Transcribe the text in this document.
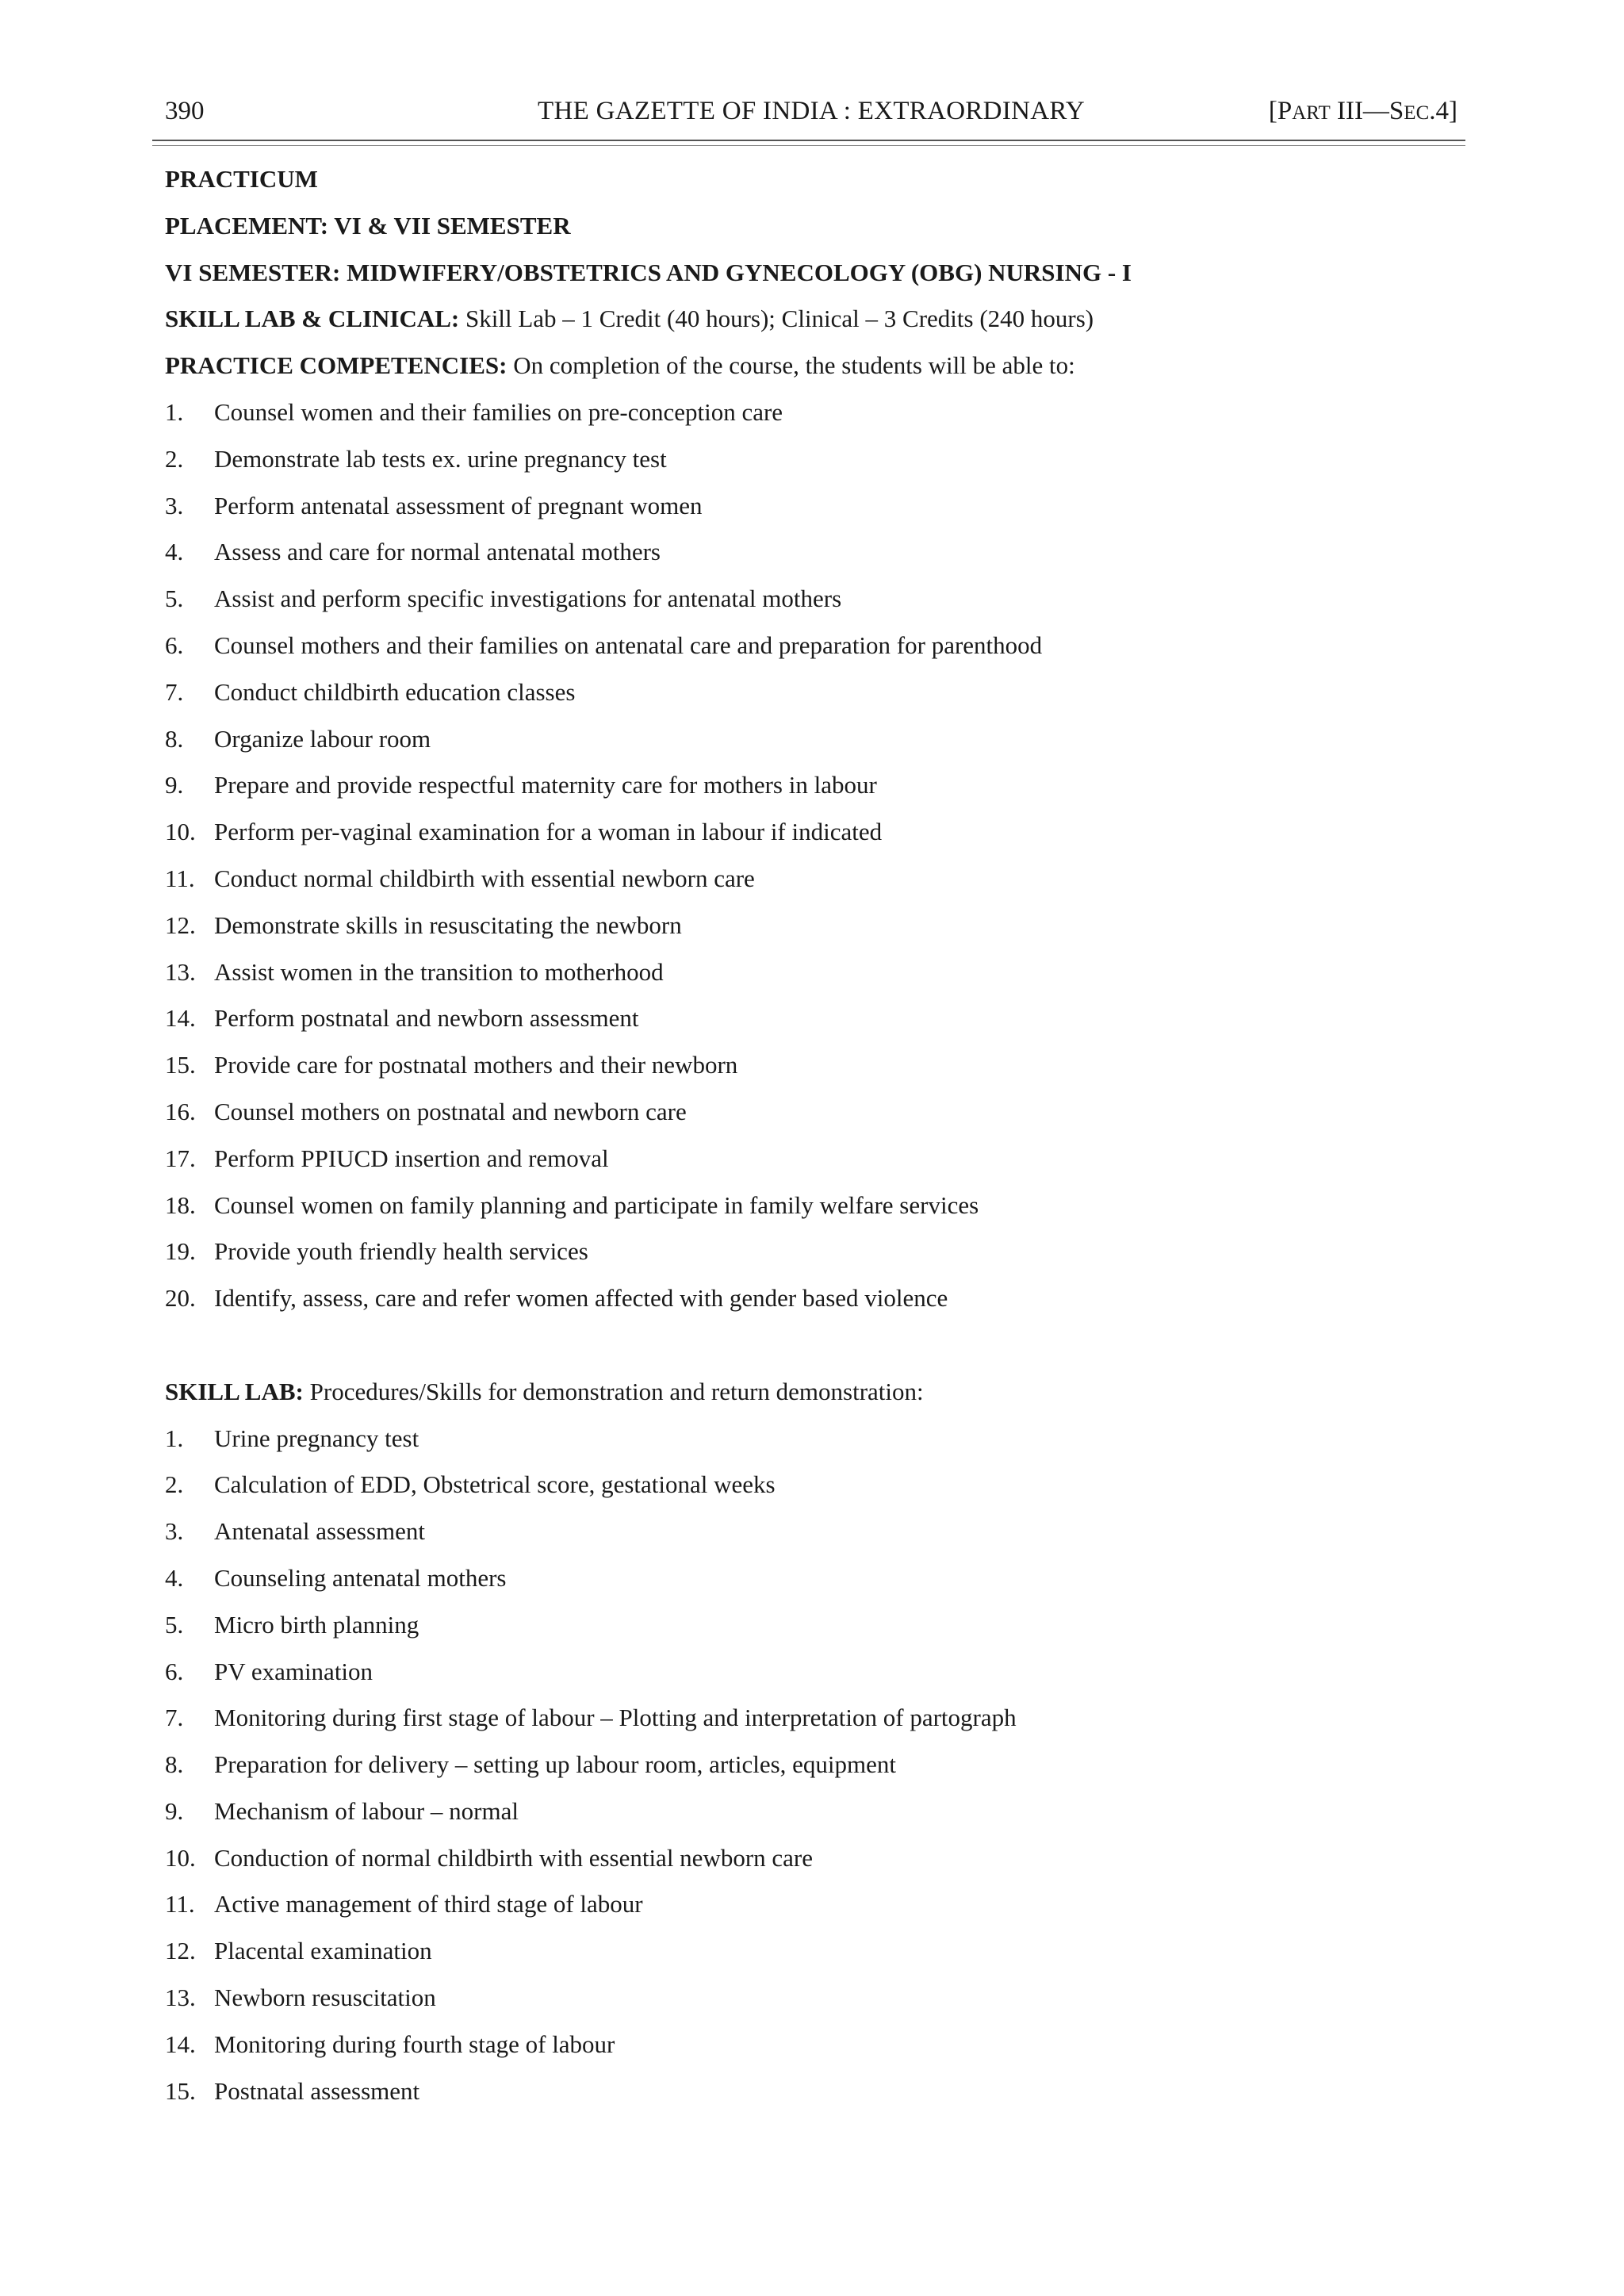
390	THE GAZETTE OF INDIA : EXTRAORDINARY	[PART III—SEC.4]
PRACTICUM
PLACEMENT: VI & VII SEMESTER
VI SEMESTER: MIDWIFERY/OBSTETRICS AND GYNECOLOGY (OBG) NURSING - I
SKILL LAB & CLINICAL: Skill Lab – 1 Credit (40 hours); Clinical – 3 Credits (240 hours)
PRACTICE COMPETENCIES: On completion of the course, the students will be able to:
1. Counsel women and their families on pre-conception care
2. Demonstrate lab tests ex. urine pregnancy test
3. Perform antenatal assessment of pregnant women
4. Assess and care for normal antenatal mothers
5. Assist and perform specific investigations for antenatal mothers
6. Counsel mothers and their families on antenatal care and preparation for parenthood
7. Conduct childbirth education classes
8. Organize labour room
9. Prepare and provide respectful maternity care for mothers in labour
10. Perform per-vaginal examination for a woman in labour if indicated
11. Conduct normal childbirth with essential newborn care
12. Demonstrate skills in resuscitating the newborn
13. Assist women in the transition to motherhood
14. Perform postnatal and newborn assessment
15. Provide care for postnatal mothers and their newborn
16. Counsel mothers on postnatal and newborn care
17. Perform PPIUCD insertion and removal
18. Counsel women on family planning and participate in family welfare services
19. Provide youth friendly health services
20. Identify, assess, care and refer women affected with gender based violence
SKILL LAB: Procedures/Skills for demonstration and return demonstration:
1. Urine pregnancy test
2. Calculation of EDD, Obstetrical score, gestational weeks
3. Antenatal assessment
4. Counseling antenatal mothers
5. Micro birth planning
6. PV examination
7. Monitoring during first stage of labour – Plotting and interpretation of partograph
8. Preparation for delivery – setting up labour room, articles, equipment
9. Mechanism of labour – normal
10. Conduction of normal childbirth with essential newborn care
11. Active management of third stage of labour
12. Placental examination
13. Newborn resuscitation
14. Monitoring during fourth stage of labour
15. Postnatal assessment
